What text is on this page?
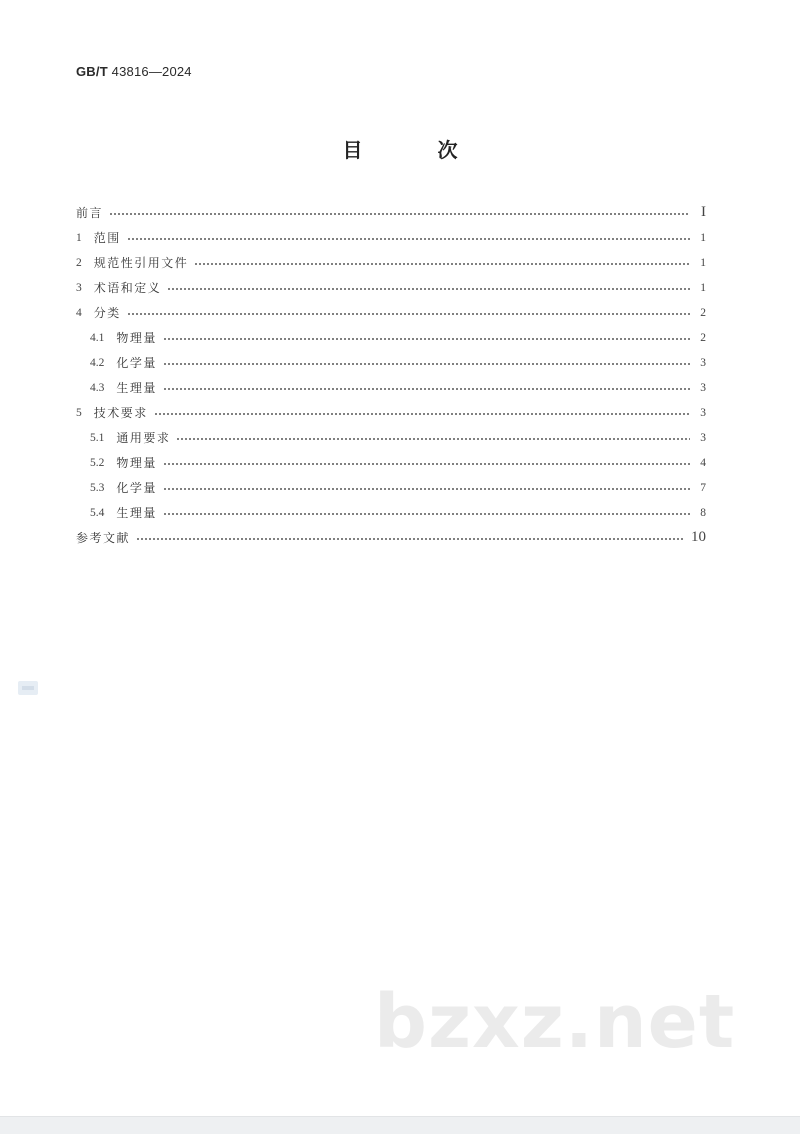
GB/T 43816—2024
目 次
前言	I
1 范围	1
2 规范性引用文件	1
3 术语和定义	1
4 分类	2
4.1 物理量	2
4.2 化学量	3
4.3 生理量	3
5 技术要求	3
5.1 通用要求	3
5.2 物理量	4
5.3 化学量	7
5.4 生理量	8
参考文献	10
bzxz.net
